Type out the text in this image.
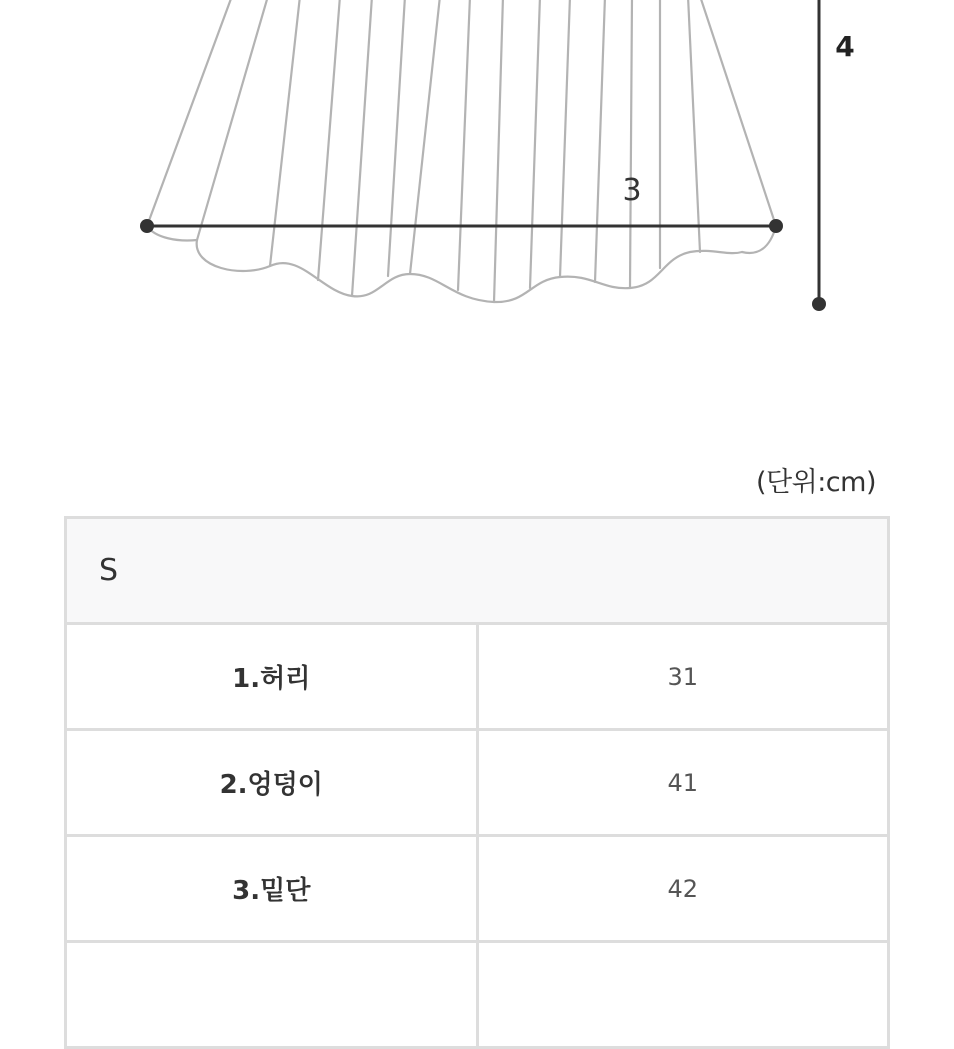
3
4
(단위:cm)
S	
1.허리	31
2.엉덩이	41
3.밑단	42
